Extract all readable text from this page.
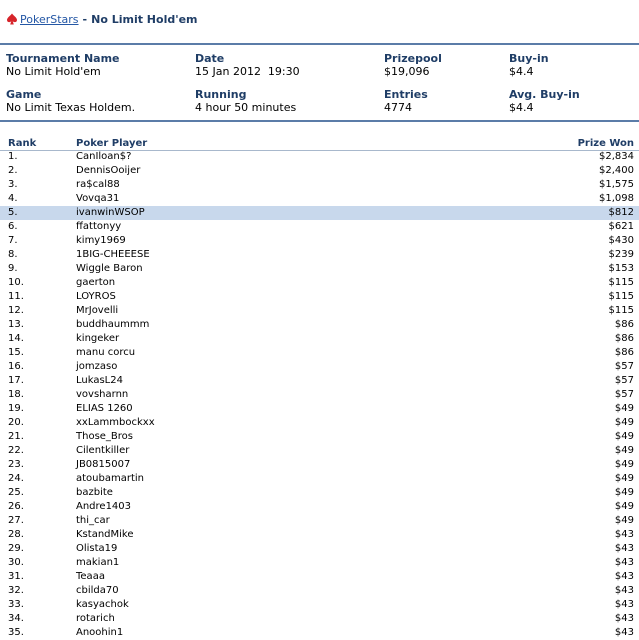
PokerStars - No Limit Hold'em
Tournament Name
No Limit Hold'em
Date
15 Jan 2012  19:30
Prizepool
$19,096
Buy-in
$4.4
Game
No Limit Texas Holdem.
Running
4 hour 50 minutes
Entries
4774
Avg. Buy-in
$4.4
Rank	Poker Player	Prize Won
1.	CanIloan$?	$2,834
2.	DennisOoijer	$2,400
3.	ra$cal88	$1,575
4.	Vovqa31	$1,098
5.	ivanwinWSOP	$812
6.	ffattonyy	$621
7.	kimy1969	$430
8.	1BIG-CHEEESE	$239
9.	Wiggle Baron	$153
10.	gaerton	$115
11.	LOYROS	$115
12.	MrJovelli	$115
13.	buddhaummm	$86
14.	kingeker	$86
15.	manu corcu	$86
16.	jomzaso	$57
17.	LukasL24	$57
18.	vovsharnn	$57
19.	ELIAS 1260	$49
20.	xxLammbockxx	$49
21.	Those_Bros	$49
22.	Cilentkiller	$49
23.	JB0815007	$49
24.	atoubamartin	$49
25.	bazbite	$49
26.	Andre1403	$49
27.	thi_car	$49
28.	KstandMike	$43
29.	Olista19	$43
30.	makian1	$43
31.	Teaaa	$43
32.	cbilda70	$43
33.	kasyachok	$43
34.	rotarich	$43
35.	Anoohin1	$43
